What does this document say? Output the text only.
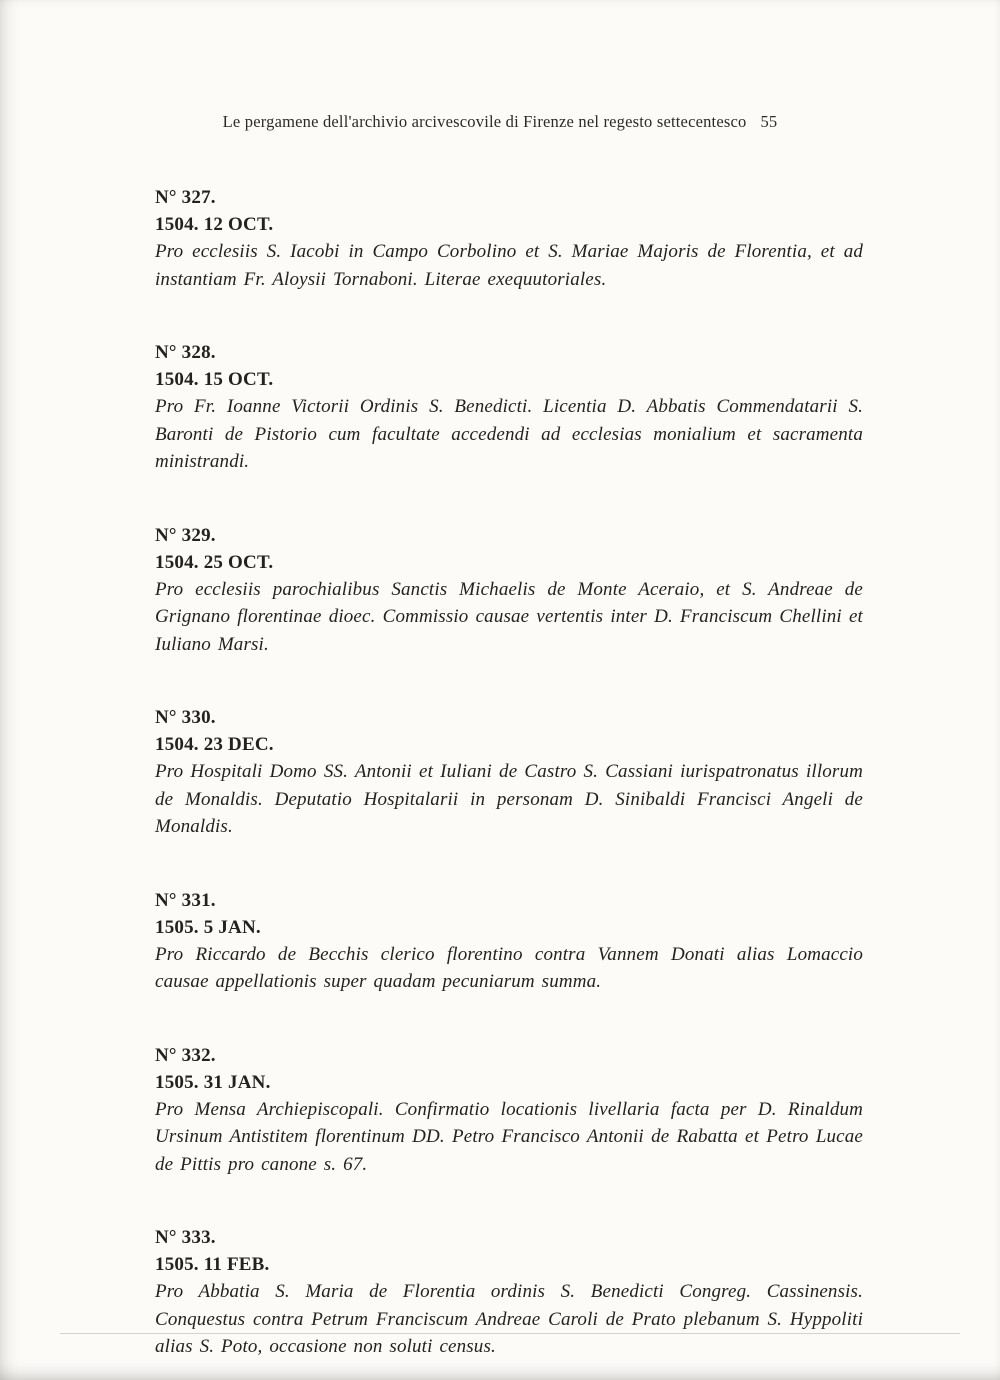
Le pergamene dell'archivio arcivescovile di Firenze nel regesto settecentesco 55
N° 327.
1504. 12 OCT.

Pro ecclesiis S. Iacobi in Campo Corbolino et S. Mariae Majoris de Florentia, et ad instantiam Fr. Aloysii Tornaboni. Literae exequutoriales.

N° 328.
1504. 15 OCT.

Pro Fr. Ioanne Victorii Ordinis S. Benedicti. Licentia D. Abbatis Commendatarii S. Baronti de Pistorio cum facultate accedendi ad ecclesias monialium et sacramenta ministrandi.

N° 329.
1504. 25 OCT.

Pro ecclesiis parochialibus Sanctis Michaelis de Monte Aceraio, et S. Andreae de Grignano florentinae dioec. Commissio causae vertentis inter D. Franciscum Chellini et Iuliano Marsi.

N° 330.
1504. 23 DEC.

Pro Hospitali Domo SS. Antonii et Iuliani de Castro S. Cassiani iurispatronatus illorum de Monaldis. Deputatio Hospitalarii in personam D. Sinibaldi Francisci Angeli de Monaldis.

N° 331.
1505. 5 JAN.

Pro Riccardo de Becchis clerico florentino contra Vannem Donati alias Lomaccio causae appellationis super quadam pecuniarum summa.

N° 332.
1505. 31 JAN.

Pro Mensa Archiepiscopali. Confirmatio locationis livellaria facta per D. Rinaldum Ursinum Antistitem florentinum DD. Petro Francisco Antonii de Rabatta et Petro Lucae de Pittis pro canone s. 67.

N° 333.
1505. 11 FEB.

Pro Abbatia S. Maria de Florentia ordinis S. Benedicti Congreg. Cassinensis. Conquestus contra Petrum Franciscum Andreae Caroli de Prato plebanum S. Hyppoliti alias S. Poto, occasione non soluti census.
